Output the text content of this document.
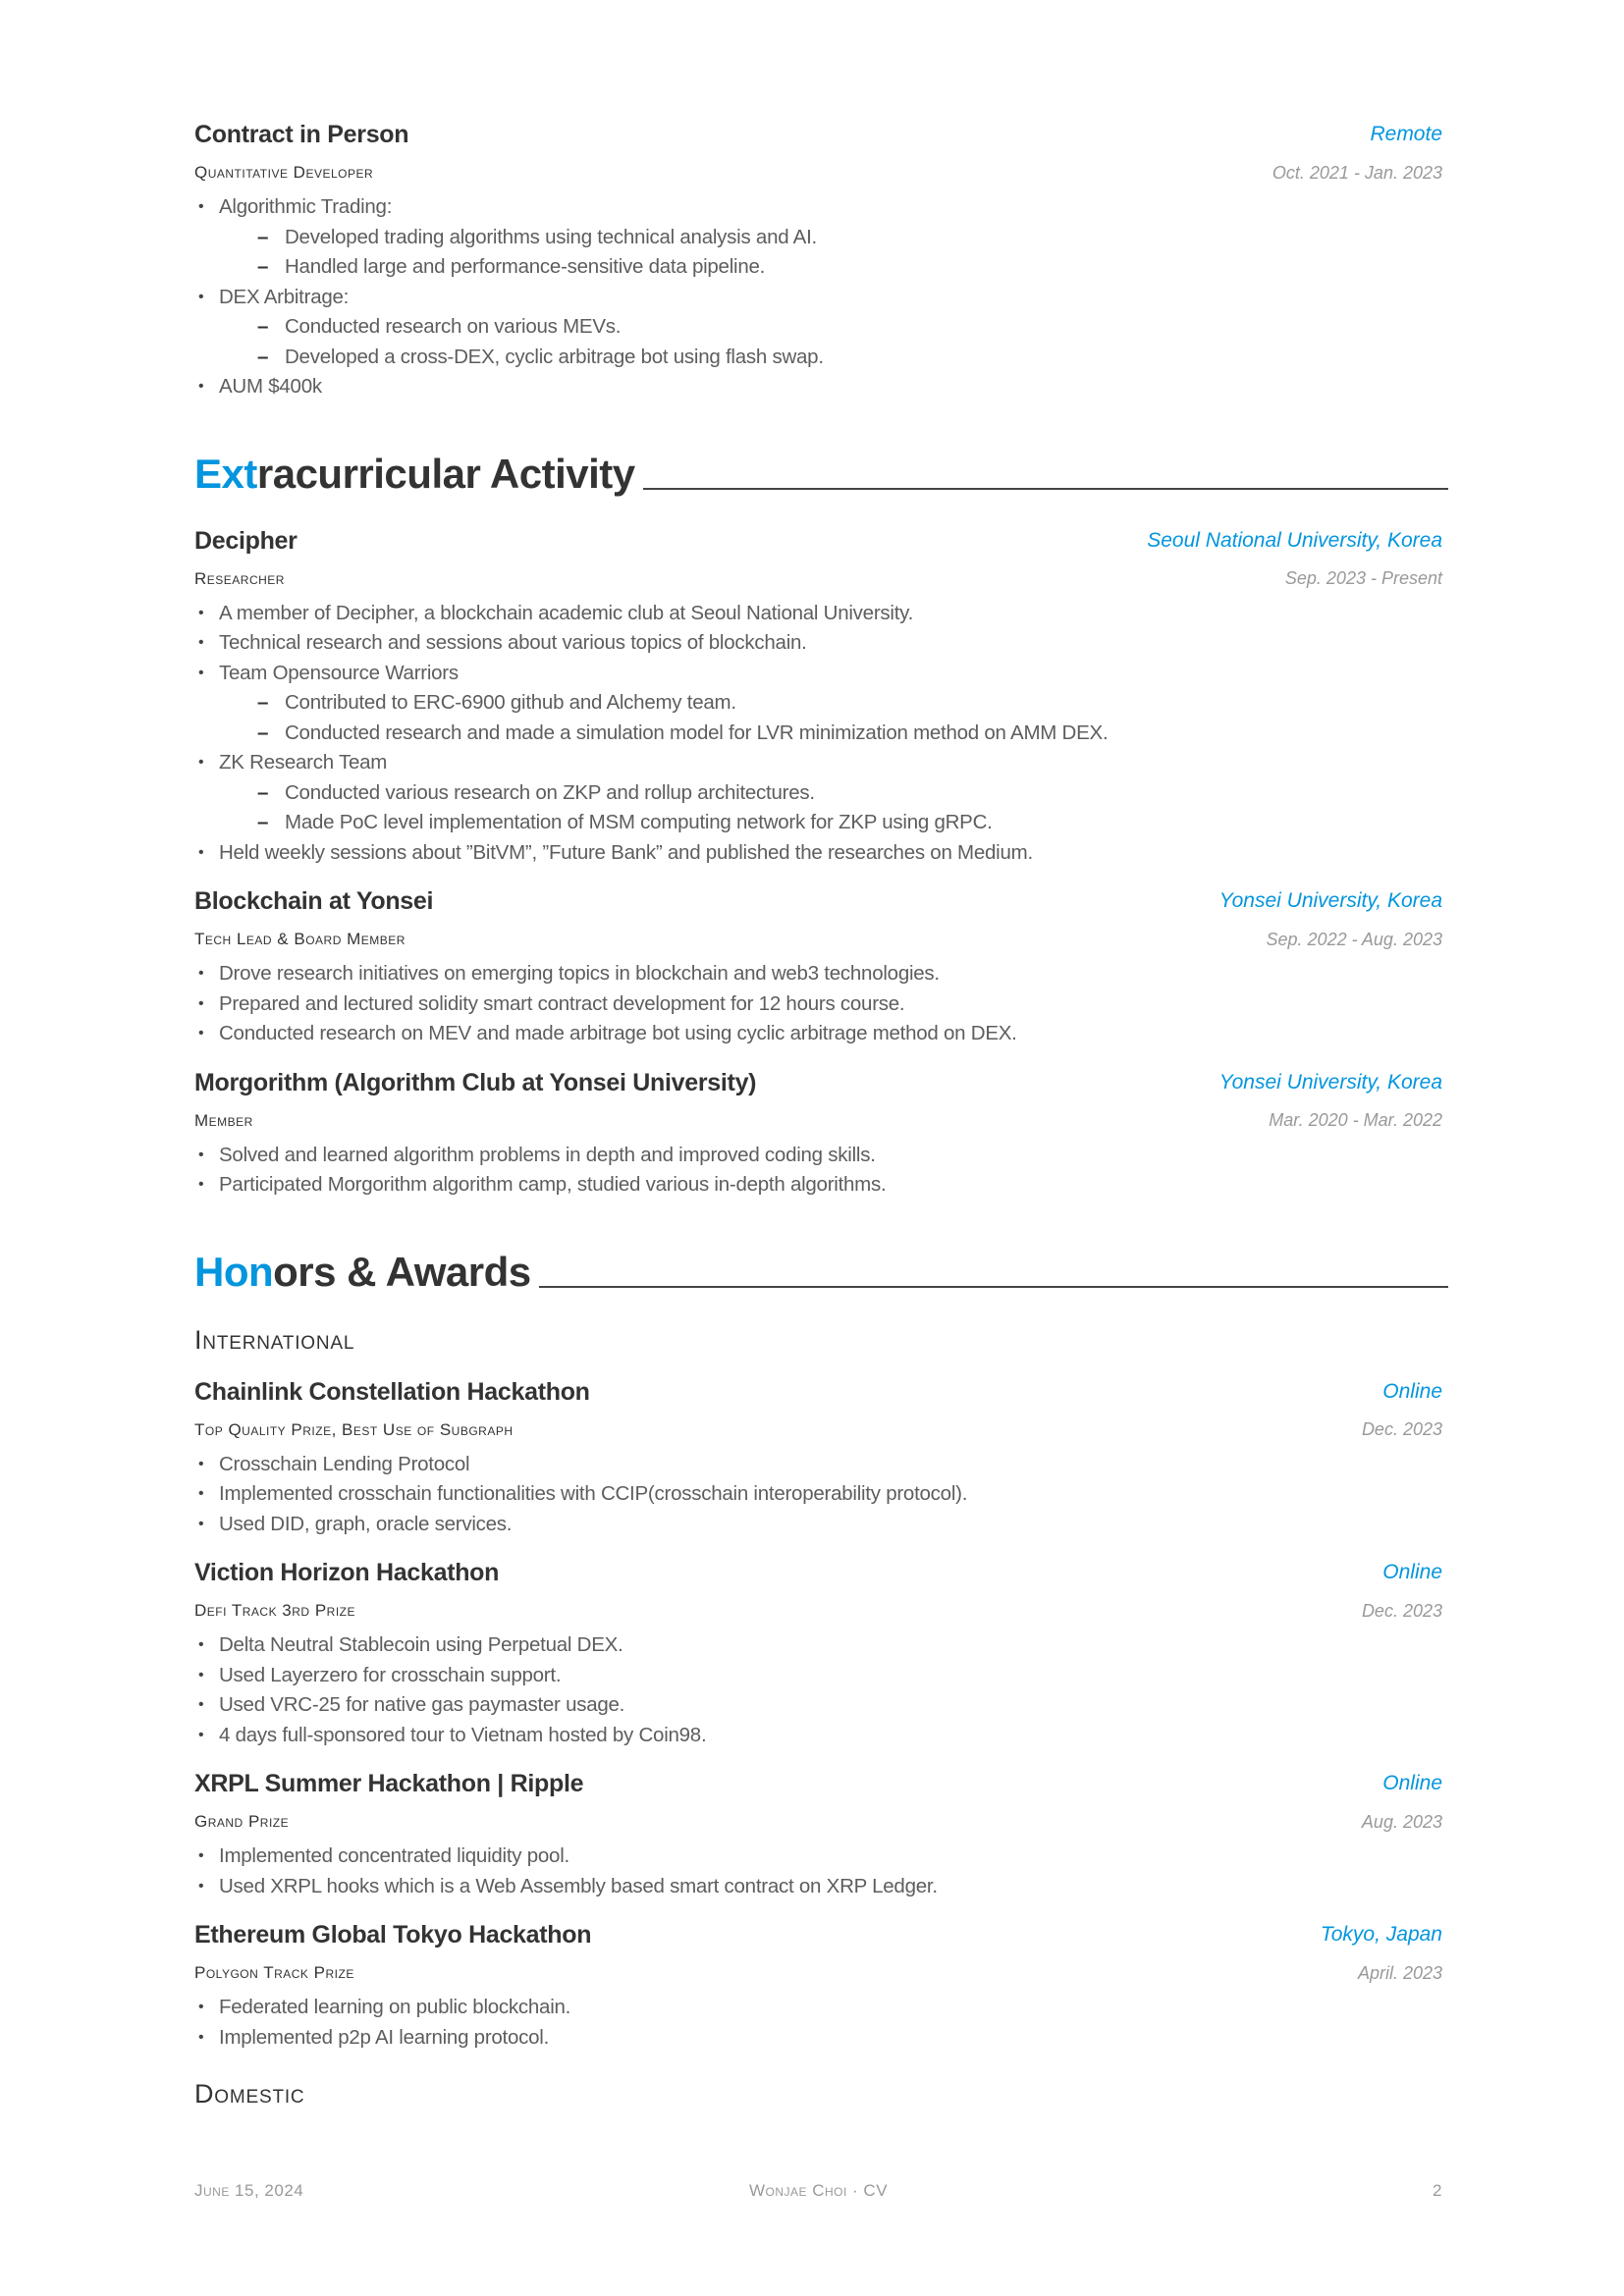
Contract in Person	Remote
Quantitative Developer	Oct. 2021 - Jan. 2023
• Algorithmic Trading:
– Developed trading algorithms using technical analysis and AI.
– Handled large and performance-sensitive data pipeline.
• DEX Arbitrage:
– Conducted research on various MEVs.
– Developed a cross-DEX, cyclic arbitrage bot using flash swap.
• AUM $400k
Extracurricular Activity
Decipher	Seoul National University, Korea
Researcher	Sep. 2023 - Present
• A member of Decipher, a blockchain academic club at Seoul National University.
• Technical research and sessions about various topics of blockchain.
• Team Opensource Warriors
– Contributed to ERC-6900 github and Alchemy team.
– Conducted research and made a simulation model for LVR minimization method on AMM DEX.
• ZK Research Team
– Conducted various research on ZKP and rollup architectures.
– Made PoC level implementation of MSM computing network for ZKP using gRPC.
• Held weekly sessions about ”BitVM”, ”Future Bank” and published the researches on Medium.
Blockchain at Yonsei	Yonsei University, Korea
Tech Lead & Board Member	Sep. 2022 - Aug. 2023
• Drove research initiatives on emerging topics in blockchain and web3 technologies.
• Prepared and lectured solidity smart contract development for 12 hours course.
• Conducted research on MEV and made arbitrage bot using cyclic arbitrage method on DEX.
Morgorithm (Algorithm Club at Yonsei University)	Yonsei University, Korea
Member	Mar. 2020 - Mar. 2022
• Solved and learned algorithm problems in depth and improved coding skills.
• Participated Morgorithm algorithm camp, studied various in-depth algorithms.
Honors & Awards
International
Chainlink Constellation Hackathon	Online
Top Quality Prize, Best Use of Subgraph	Dec. 2023
• Crosschain Lending Protocol
• Implemented crosschain functionalities with CCIP(crosschain interoperability protocol).
• Used DID, graph, oracle services.
Viction Horizon Hackathon	Online
Defi Track 3rd Prize	Dec. 2023
• Delta Neutral Stablecoin using Perpetual DEX.
• Used Layerzero for crosschain support.
• Used VRC-25 for native gas paymaster usage.
• 4 days full-sponsored tour to Vietnam hosted by Coin98.
XRPL Summer Hackathon | Ripple	Online
Grand Prize	Aug. 2023
• Implemented concentrated liquidity pool.
• Used XRPL hooks which is a Web Assembly based smart contract on XRP Ledger.
Ethereum Global Tokyo Hackathon	Tokyo, Japan
Polygon Track Prize	April. 2023
• Federated learning on public blockchain.
• Implemented p2p AI learning protocol.
Domestic
June 15, 2024	Wonjae Choi · CV	2
